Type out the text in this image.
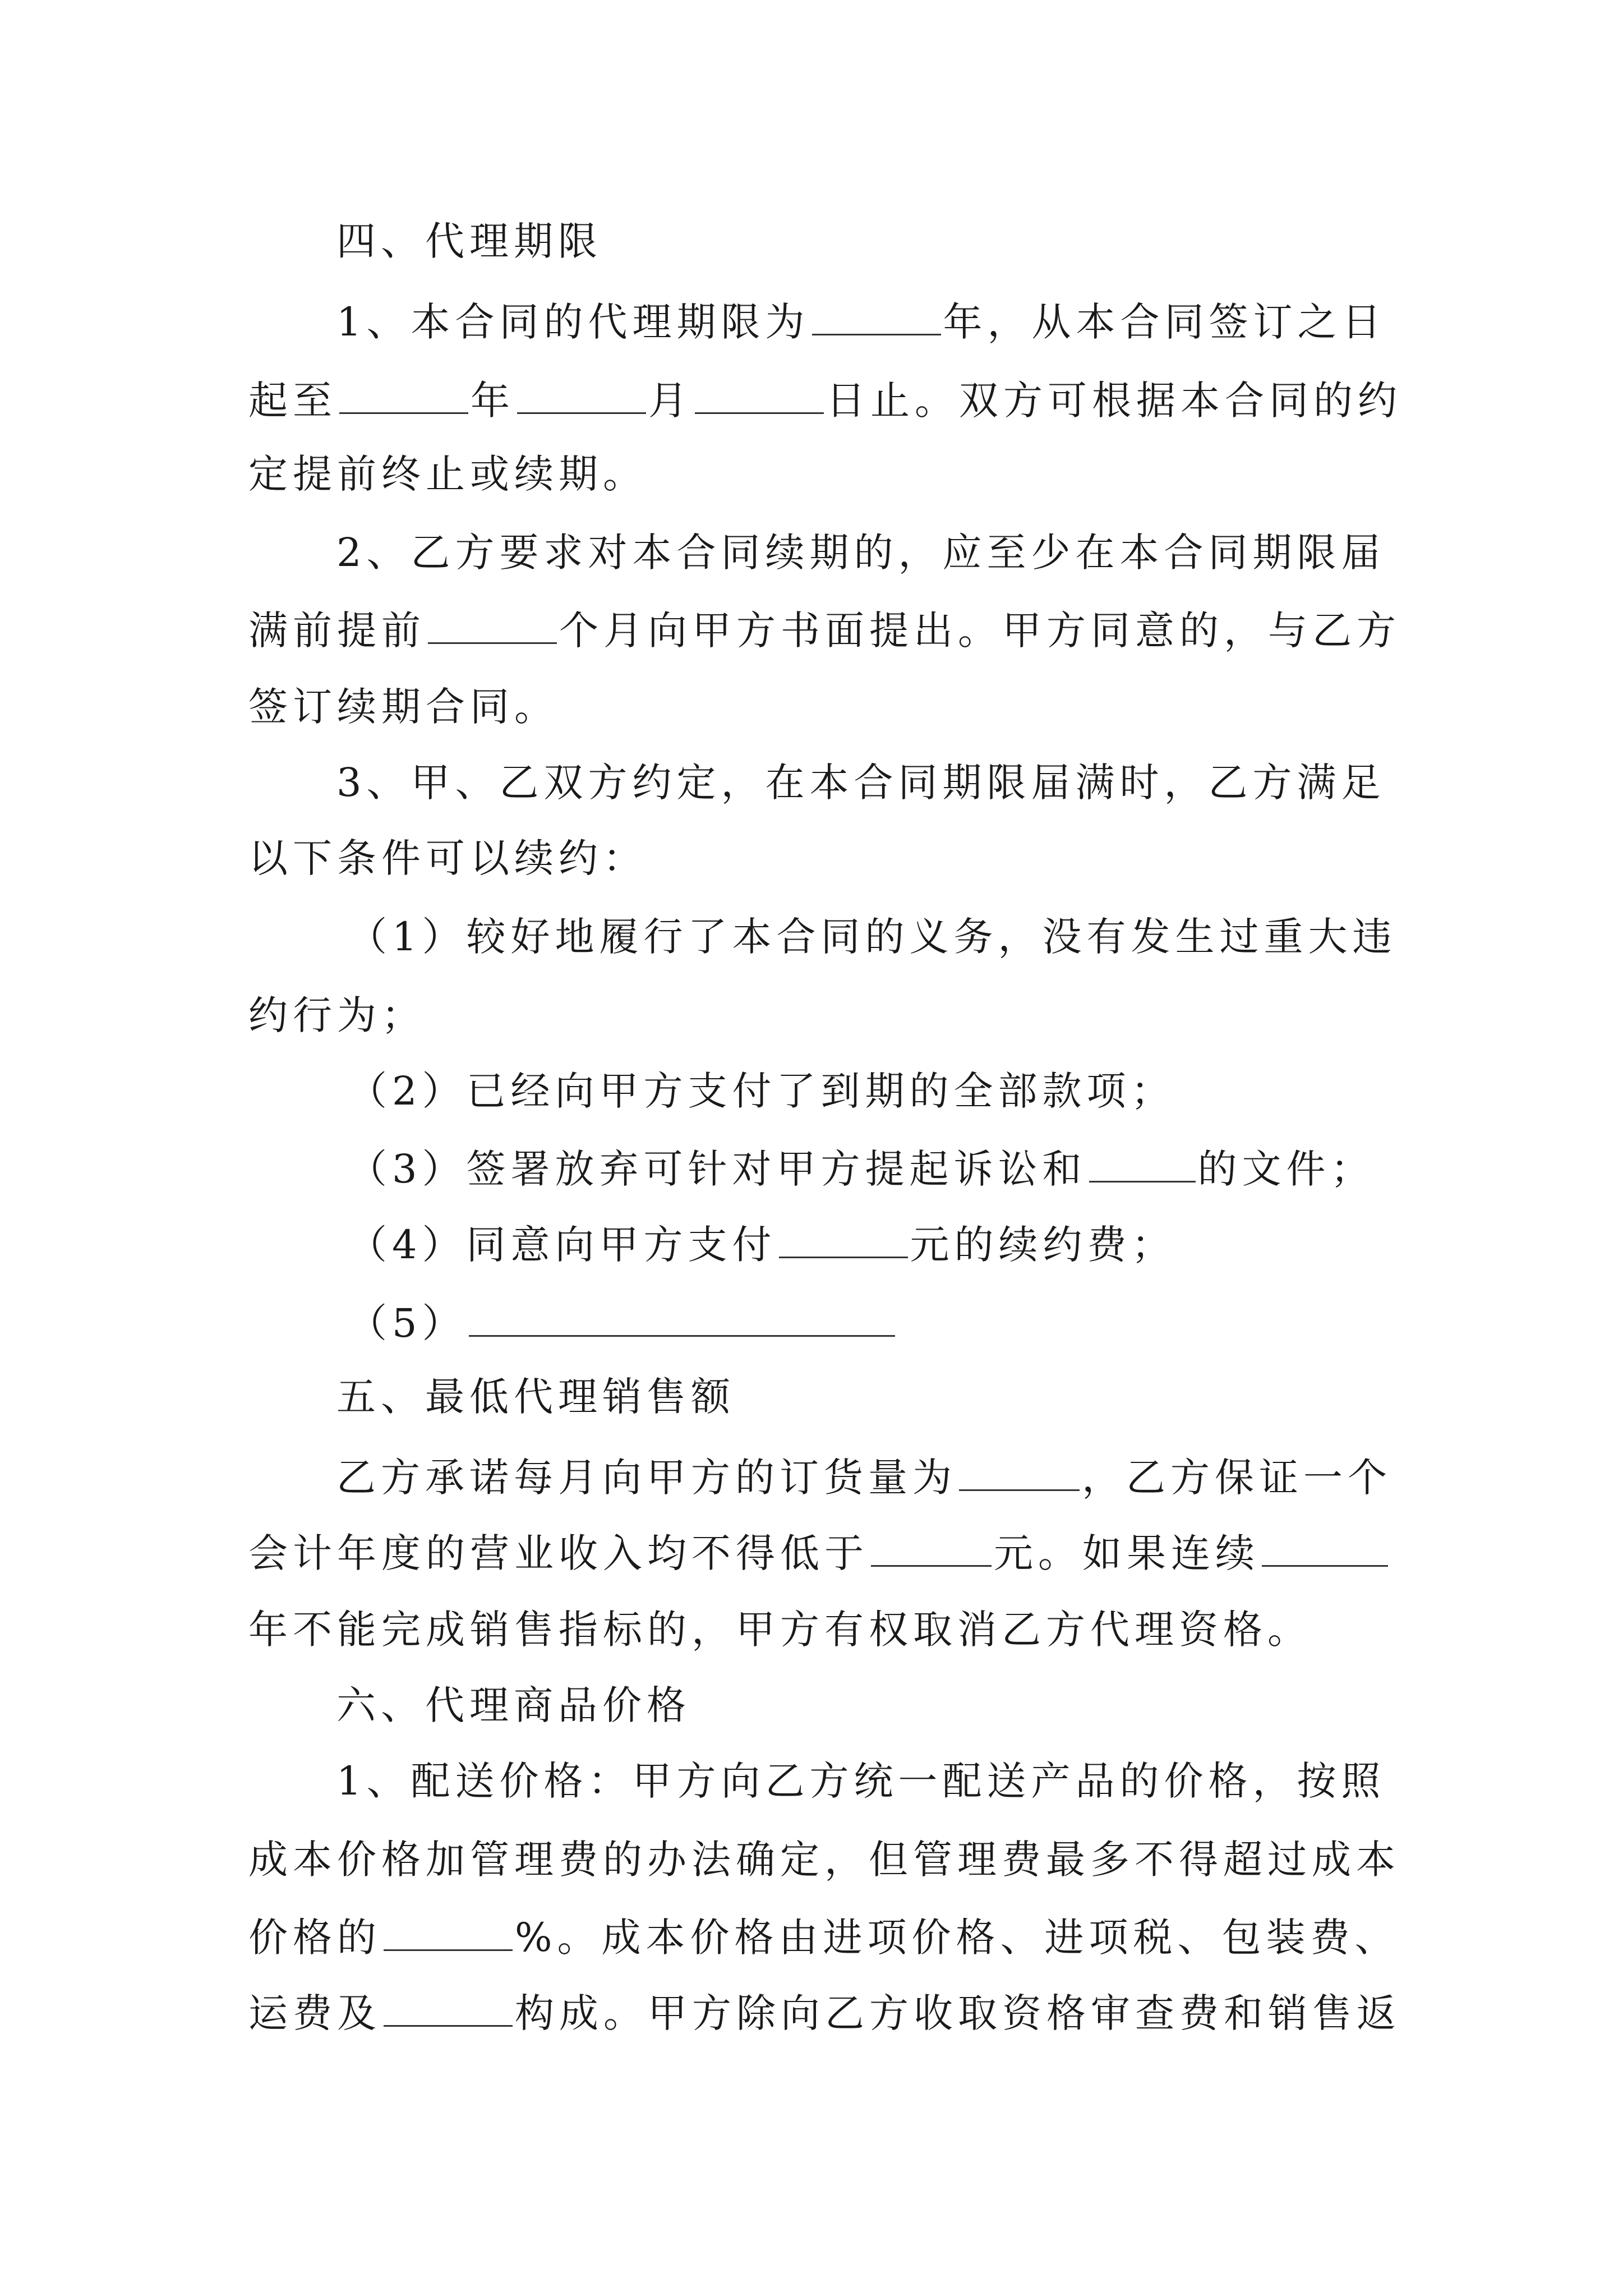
四、代理期限
1、本合同的代理期限为	年，从本合同签订之日
起至	年	月	日止。双方可根据本合同的约
定提前终止或续期。
2、乙方要求对本合同续期的，应至少在本合同期限届
满前提前	个月向甲方书面提出。甲方同意的，与乙方
签订续期合同。
3、甲、乙双方约定，在本合同期限届满时，乙方满足
以下条件可以续约：
（1）较好地履行了本合同的义务，没有发生过重大违
约行为；
（2）已经向甲方支付了到期的全部款项；
（3）签署放弃可针对甲方提起诉讼和	的文件；
（4）同意向甲方支付	元的续约费；
（5）
五、最低代理销售额
乙方承诺每月向甲方的订货量为	，乙方保证一个
会计年度的营业收入均不得低于	元。如果连续
年不能完成销售指标的，甲方有权取消乙方代理资格。
六、代理商品价格
1、配送价格：甲方向乙方统一配送产品的价格，按照
成本价格加管理费的办法确定，但管理费最多不得超过成本
价格的	%。成本价格由进项价格、进项税、包装费、
运费及	构成。甲方除向乙方收取资格审查费和销售返
